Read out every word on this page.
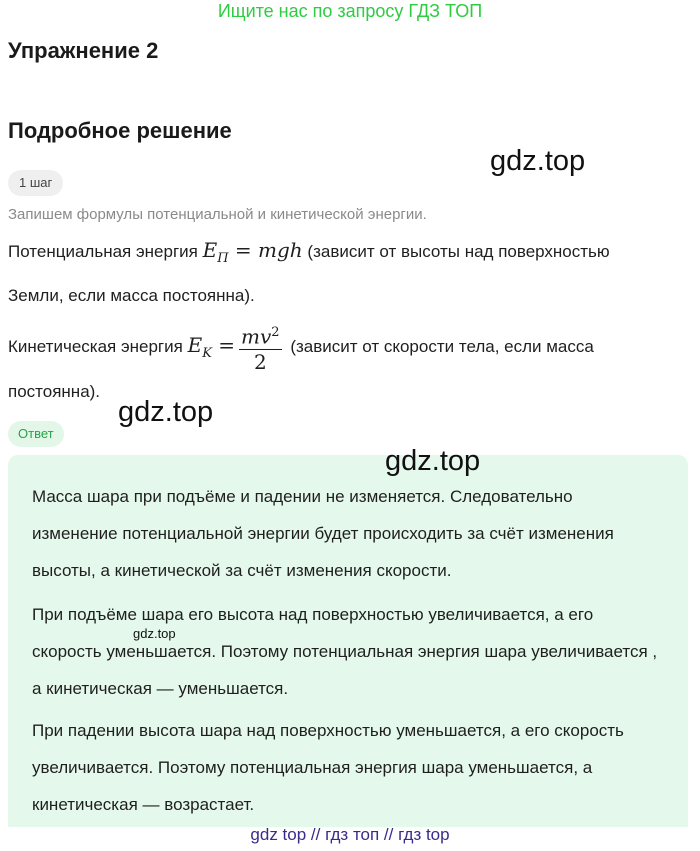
Ищите нас по запросу ГДЗ ТОП
Упражнение 2
Подробное решение
gdz.top
1 шаг
Запишем формулы потенциальной и кинетической энергии.
Потенциальная энергия $E_П$ = mgh (зависит от высоты над поверхностью Земли, если масса постоянна).
Кинетическая энергия $E_K = \frac{mv^2}{2}$ (зависит от скорости тела, если масса постоянна).
gdz.top
Ответ
gdz.top
Масса шара при подъёме и падении не изменяется. Следовательно изменение потенциальной энергии будет происходить за счёт изменения высоты, а кинетической за счёт изменения скорости.
При подъёме шара его высота над поверхностью увеличивается, а его скорость уменьшается. Поэтому потенциальная энергия шара увеличивается , а кинетическая — уменьшается.
При падении высота шара над поверхностью уменьшается, а его скорость увеличивается. Поэтому потенциальная энергия шара уменьшается, а кинетическая — возрастает.
gdz.top
gdz top // гдз топ // гдз top
